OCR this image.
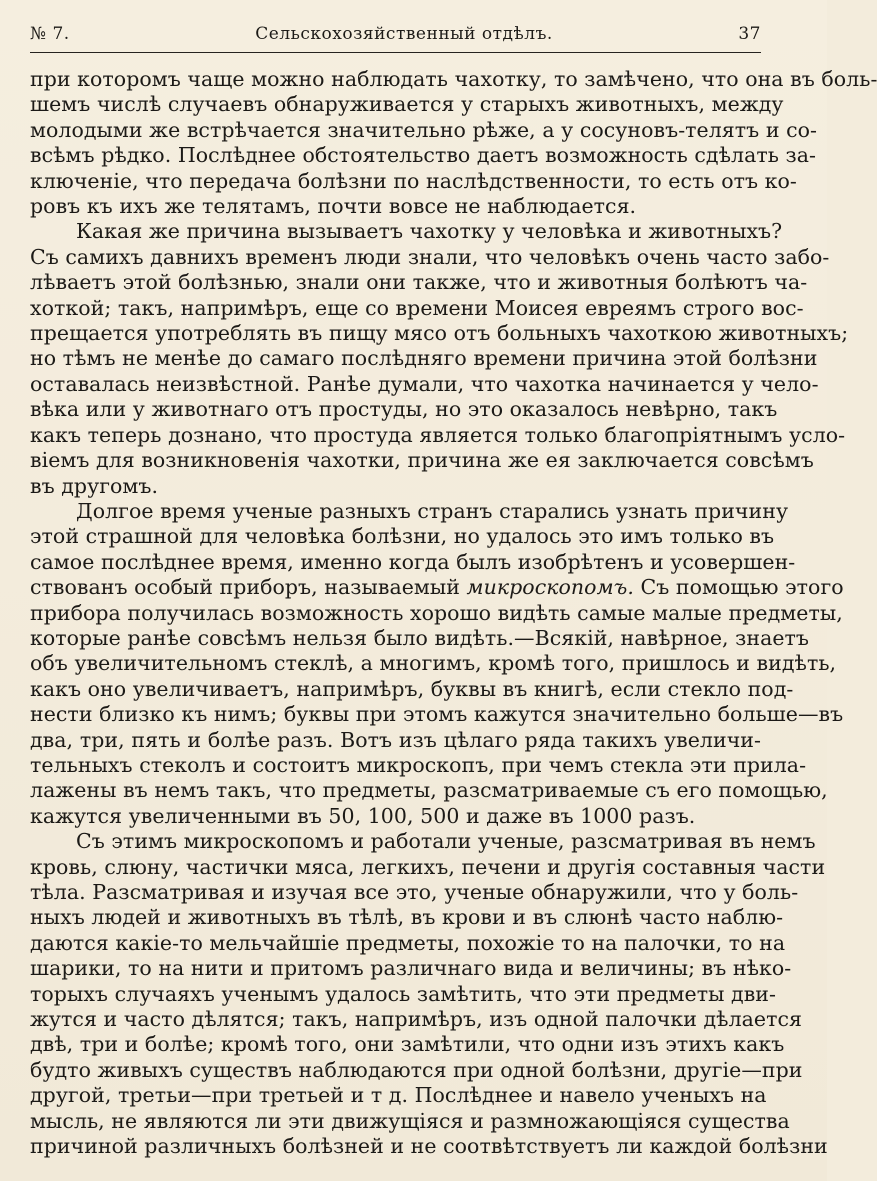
№ 7.	Сельскохозяйственный отдѣлъ.	37
при которомъ чаще можно наблюдать чахотку, то замѣчено, что она въ боль-
шемъ числѣ случаевъ обнаруживается у старыхъ животныхъ, между
молодыми же встрѣчается значительно рѣже, а у сосуновъ-телятъ и со-
всѣмъ рѣдко. Послѣднее обстоятельство даетъ возможность сдѣлать за-
ключеніе, что передача болѣзни по наслѣдственности, то есть отъ ко-
ровъ къ ихъ же телятамъ, почти вовсе не наблюдается.
Какая же причина вызываетъ чахотку у человѣка и животныхъ?
Съ самихъ давнихъ временъ люди знали, что человѣкъ очень часто забо-
лѣваетъ этой болѣзнью, знали они также, что и животныя болѣютъ ча-
хоткой; такъ, напримѣръ, еще со времени Моисея евреямъ строго вос-
прещается употреблять въ пищу мясо отъ больныхъ чахоткою животныхъ;
но тѣмъ не менѣе до самаго послѣдняго времени причина этой болѣзни
оставалась неизвѣстной. Ранѣе думали, что чахотка начинается у чело-
вѣка или у животнаго отъ простуды, но это оказалось невѣрно, такъ
какъ теперь дознано, что простуда является только благопріятнымъ усло-
віемъ для возникновенія чахотки, причина же ея заключается совсѣмъ
въ другомъ.
Долгое время ученые разныхъ странъ старались узнать причину
этой страшной для человѣка болѣзни, но удалось это имъ только въ
самое послѣднее время, именно когда былъ изобрѣтенъ и усовершен-
ствованъ особый приборъ, называемый микроскопомъ. Съ помощью этого
прибора получилась возможность хорошо видѣть самые малые предметы,
которые ранѣе совсѣмъ нельзя было видѣть.—Всякій, навѣрное, знаетъ
объ увеличительномъ стеклѣ, а многимъ, кромѣ того, пришлось и видѣть,
какъ оно увеличиваетъ, напримѣръ, буквы въ книгѣ, если стекло под-
нести близко къ нимъ; буквы при этомъ кажутся значительно больше—въ
два, три, пять и болѣе разъ. Вотъ изъ цѣлаго ряда такихъ увеличи-
тельныхъ стеколъ и состоитъ микроскопъ, при чемъ стекла эти прила-
лажены въ немъ такъ, что предметы, разсматриваемые съ его помощью,
кажутся увеличенными въ 50, 100, 500 и даже въ 1000 разъ.
Съ этимъ микроскопомъ и работали ученые, разсматривая въ немъ
кровь, слюну, частички мяса, легкихъ, печени и другія составныя части
тѣла. Разсматривая и изучая все это, ученые обнаружили, что у боль-
ныхъ людей и животныхъ въ тѣлѣ, въ крови и въ слюнѣ часто наблю-
даются какіе-то мельчайшіе предметы, похожіе то на палочки, то на
шарики, то на нити и притомъ различнаго вида и величины; въ нѣко-
торыхъ случаяхъ ученымъ удалось замѣтить, что эти предметы дви-
жутся и часто дѣлятся; такъ, напримѣръ, изъ одной палочки дѣлается
двѣ, три и болѣе; кромѣ того, они замѣтили, что одни изъ этихъ какъ
будто живыхъ существъ наблюдаются при одной болѣзни, другіе—при
другой, третьи—при третьей и т д. Послѣднее и навело ученыхъ на
мысль, не являются ли эти движущіяся и размножающіяся существа
причиной различныхъ болѣзней и не соотвѣтствуетъ ли каждой болѣзни
